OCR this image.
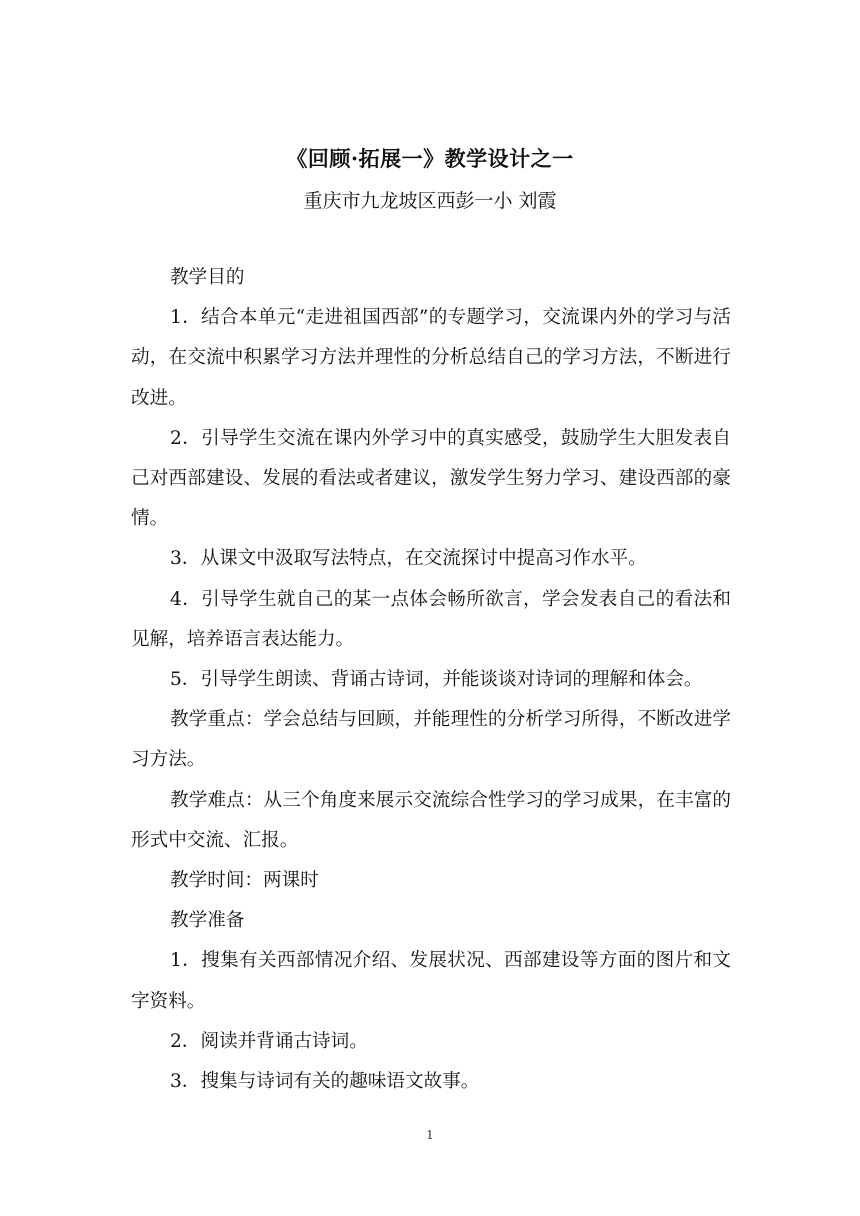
《回顾·拓展一》教学设计之一
重庆市九龙坡区西彭一小 刘霞

教学目的

1．结合本单元“走进祖国西部”的专题学习，交流课内外的学习与活动，在交流中积累学习方法并理性的分析总结自己的学习方法，不断进行改进。

2．引导学生交流在课内外学习中的真实感受，鼓励学生大胆发表自己对西部建设、发展的看法或者建议，激发学生努力学习、建设西部的豪情。

3．从课文中汲取写法特点，在交流探讨中提高习作水平。

4．引导学生就自己的某一点体会畅所欲言，学会发表自己的看法和见解，培养语言表达能力。

5．引导学生朗读、背诵古诗词，并能谈谈对诗词的理解和体会。

教学重点：学会总结与回顾，并能理性的分析学习所得，不断改进学习方法。

教学难点：从三个角度来展示交流综合性学习的学习成果，在丰富的形式中交流、汇报。

教学时间：两课时

教学准备

1．搜集有关西部情况介绍、发展状况、西部建设等方面的图片和文字资料。

2．阅读并背诵古诗词。

3．搜集与诗词有关的趣味语文故事。

1
